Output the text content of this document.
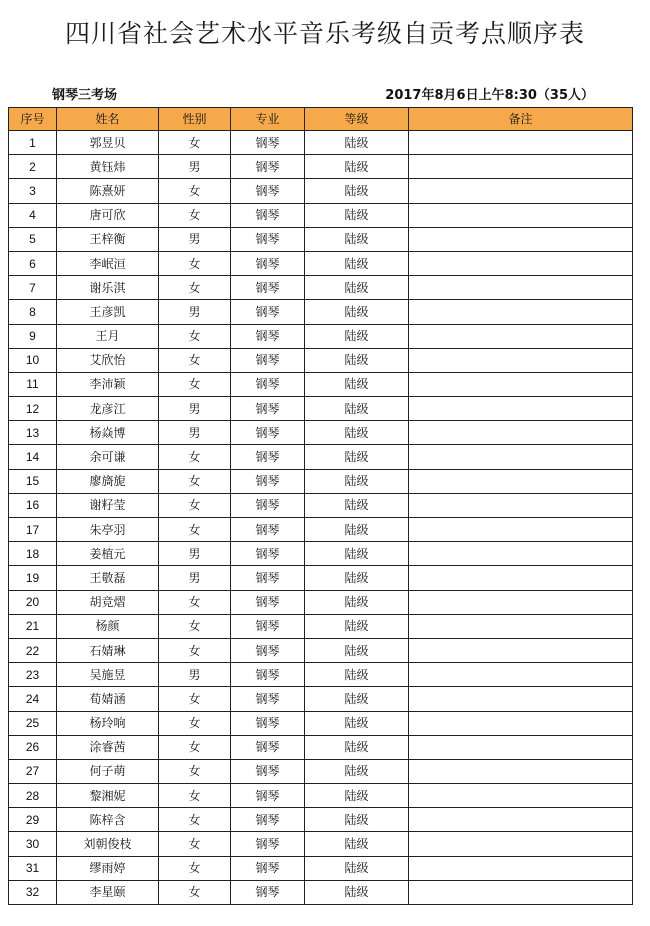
四川省社会艺术水平音乐考级自贡考点顺序表
钢琴三考场	2017年8月6日上午8:30（35人）
序号	姓名	性别	专业	等级	备注
1	郭昱贝	女	钢琴	陆级	
2	黄钰炜	男	钢琴	陆级	
3	陈熹妍	女	钢琴	陆级	
4	唐可欣	女	钢琴	陆级	
5	王梓衡	男	钢琴	陆级	
6	李岷洹	女	钢琴	陆级	
7	谢乐淇	女	钢琴	陆级	
8	王彦凯	男	钢琴	陆级	
9	王月	女	钢琴	陆级	
10	艾欣怡	女	钢琴	陆级	
11	李沛颖	女	钢琴	陆级	
12	龙彦江	男	钢琴	陆级	
13	杨焱博	男	钢琴	陆级	
14	余可谦	女	钢琴	陆级	
15	廖旖旎	女	钢琴	陆级	
16	谢籽莹	女	钢琴	陆级	
17	朱亭羽	女	钢琴	陆级	
18	姜植元	男	钢琴	陆级	
19	王敬磊	男	钢琴	陆级	
20	胡竞熠	女	钢琴	陆级	
21	杨颜	女	钢琴	陆级	
22	石婧琳	女	钢琴	陆级	
23	吴施昱	男	钢琴	陆级	
24	荀婧涵	女	钢琴	陆级	
25	杨玲响	女	钢琴	陆级	
26	涂睿茜	女	钢琴	陆级	
27	何子萌	女	钢琴	陆级	
28	黎湘妮	女	钢琴	陆级	
29	陈梓含	女	钢琴	陆级	
30	刘朝俊枝	女	钢琴	陆级	
31	缪雨婷	女	钢琴	陆级	
32	李星颐	女	钢琴	陆级	
